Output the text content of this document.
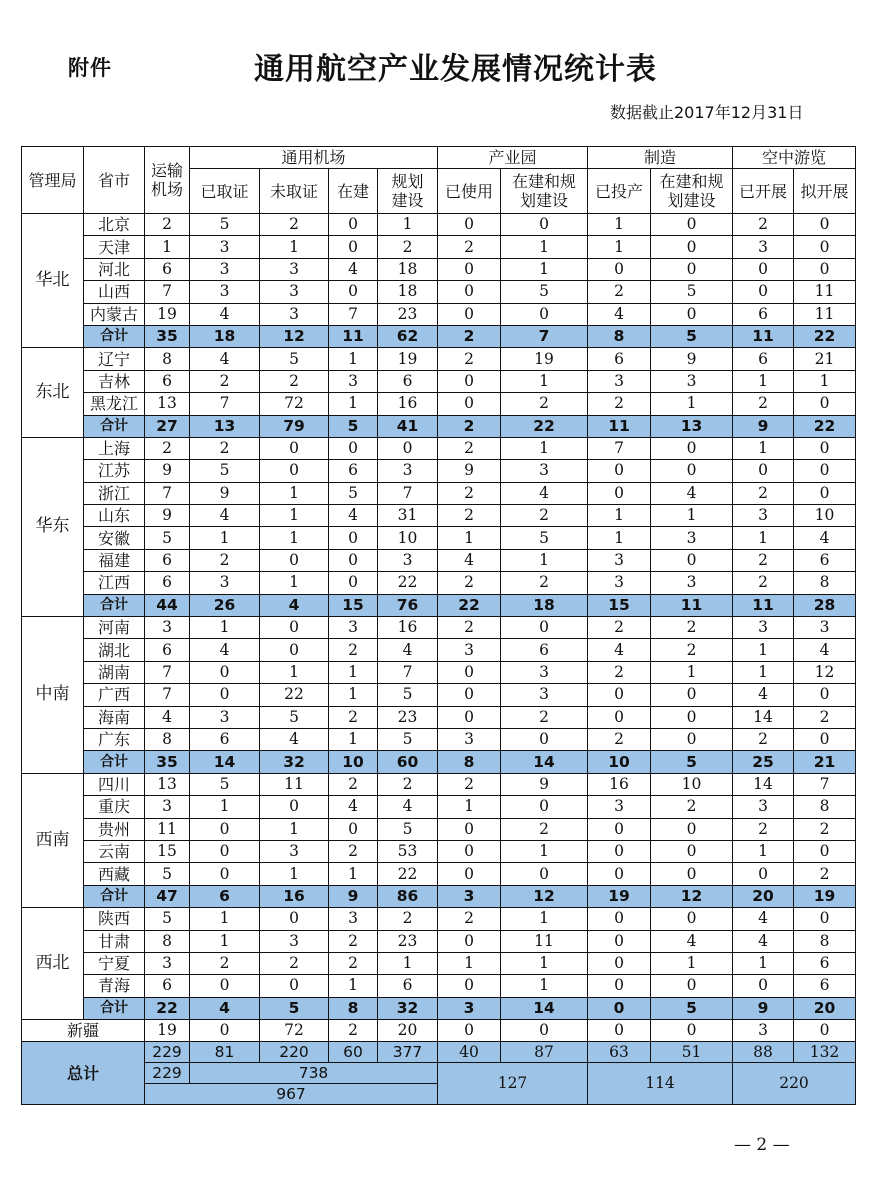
附件	通用航空产业发展情况统计表
数据截止2017年12月31日
管理局	省市	运输机场	通用机场				产业园		制造		空中游览	
			已取证	未取证	在建	规划建设	已使用	在建和规划建设	已投产	在建和规划建设	已开展	拟开展
华北	北京	2	5	2	0	1	0	0	1	0	2	0
	天津	1	3	1	0	2	2	1	1	0	3	0
	河北	6	3	3	4	18	0	1	0	0	0	0
	山西	7	3	3	0	18	0	5	2	5	0	11
	内蒙古	19	4	3	7	23	0	0	4	0	6	11
	合计	35	18	12	11	62	2	7	8	5	11	22
东北	辽宁	8	4	5	1	19	2	19	6	9	6	21
	吉林	6	2	2	3	6	0	1	3	3	1	1
	黑龙江	13	7	72	1	16	0	2	2	1	2	0
	合计	27	13	79	5	41	2	22	11	13	9	22
华东	上海	2	2	0	0	0	2	1	7	0	1	0
	江苏	9	5	0	6	3	9	3	0	0	0	0
	浙江	7	9	1	5	7	2	4	0	4	2	0
	山东	9	4	1	4	31	2	2	1	1	3	10
	安徽	5	1	1	0	10	1	5	1	3	1	4
	福建	6	2	0	0	3	4	1	3	0	2	6
	江西	6	3	1	0	22	2	2	3	3	2	8
	合计	44	26	4	15	76	22	18	15	11	11	28
中南	河南	3	1	0	3	16	2	0	2	2	3	3
	湖北	6	4	0	2	4	3	6	4	2	1	4
	湖南	7	0	1	1	7	0	3	2	1	1	12
	广西	7	0	22	1	5	0	3	0	0	4	0
	海南	4	3	5	2	23	0	2	0	0	14	2
	广东	8	6	4	1	5	3	0	2	0	2	0
	合计	35	14	32	10	60	8	14	10	5	25	21
西南	四川	13	5	11	2	2	2	9	16	10	14	7
	重庆	3	1	0	4	4	1	0	3	2	3	8
	贵州	11	0	1	0	5	0	2	0	0	2	2
	云南	15	0	3	2	53	0	1	0	0	1	0
	西藏	5	0	1	1	22	0	0	0	0	0	2
	合计	47	6	16	9	86	3	12	19	12	20	19
西北	陕西	5	1	0	3	2	2	1	0	0	4	0
	甘肃	8	1	3	2	23	0	11	0	4	4	8
	宁夏	3	2	2	2	1	1	1	0	1	1	6
	青海	6	0	0	1	6	0	1	0	0	0	6
	合计	22	4	5	8	32	3	14	0	5	9	20
新疆		19	0	72	2	20	0	0	0	0	3	0
总计		229	81	220	60	377	40	87	63	51	88	132
		229	738				127		114		220	
		967										
— 2 —
